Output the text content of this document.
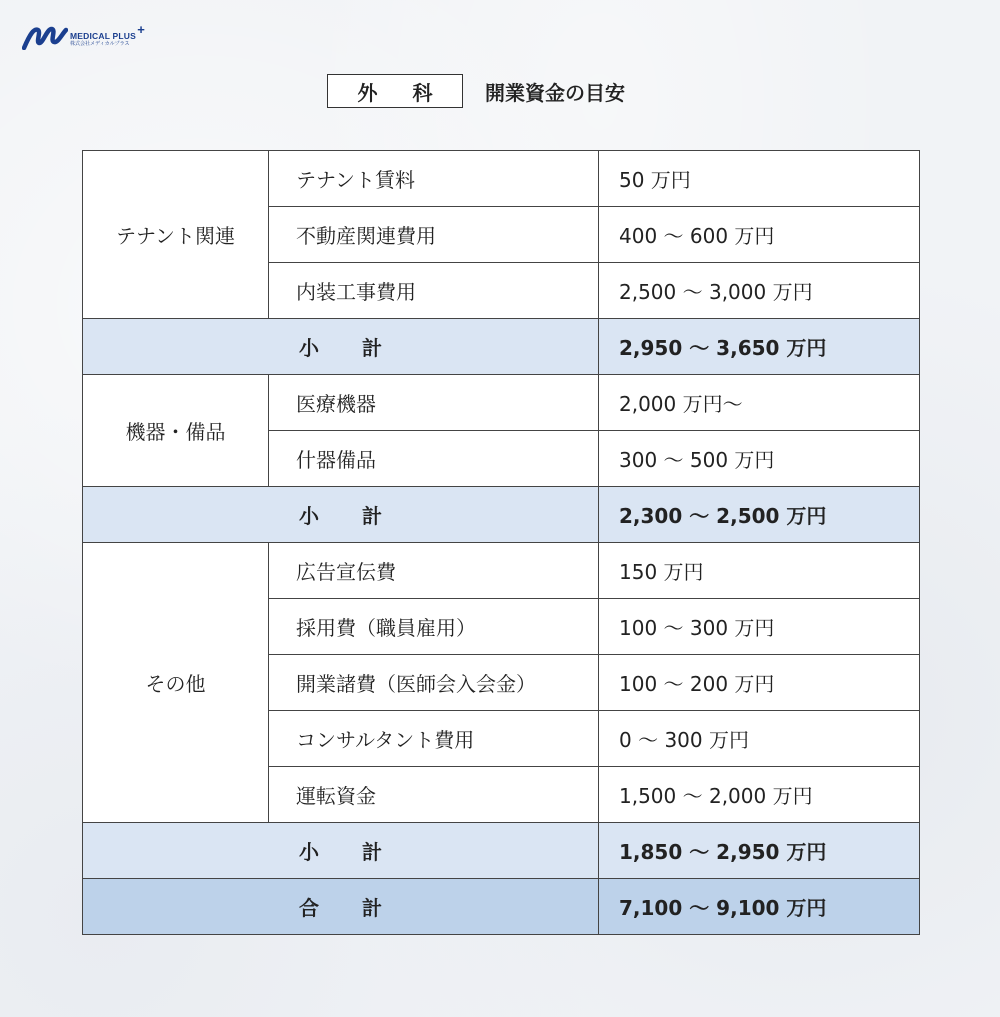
MEDICAL PLUS +
株式会社メディカルプラス
外 科	開業資金の目安
テナント関連	テナント賃料	50 万円
	不動産関連費用	400 ～ 600 万円
	内装工事費用	2,500 ～ 3,000 万円
小 計		2,950 ～ 3,650 万円
機器・備品	医療機器	2,000 万円～
	什器備品	300 ～ 500 万円
小 計		2,300 ～ 2,500 万円
その他	広告宣伝費	150 万円
	採用費（職員雇用）	100 ～ 300 万円
	開業諸費（医師会入会金）	100 ～ 200 万円
	コンサルタント費用	0 ～ 300 万円
	運転資金	1,500 ～ 2,000 万円
小 計		1,850 ～ 2,950 万円
合 計		7,100 ～ 9,100 万円
